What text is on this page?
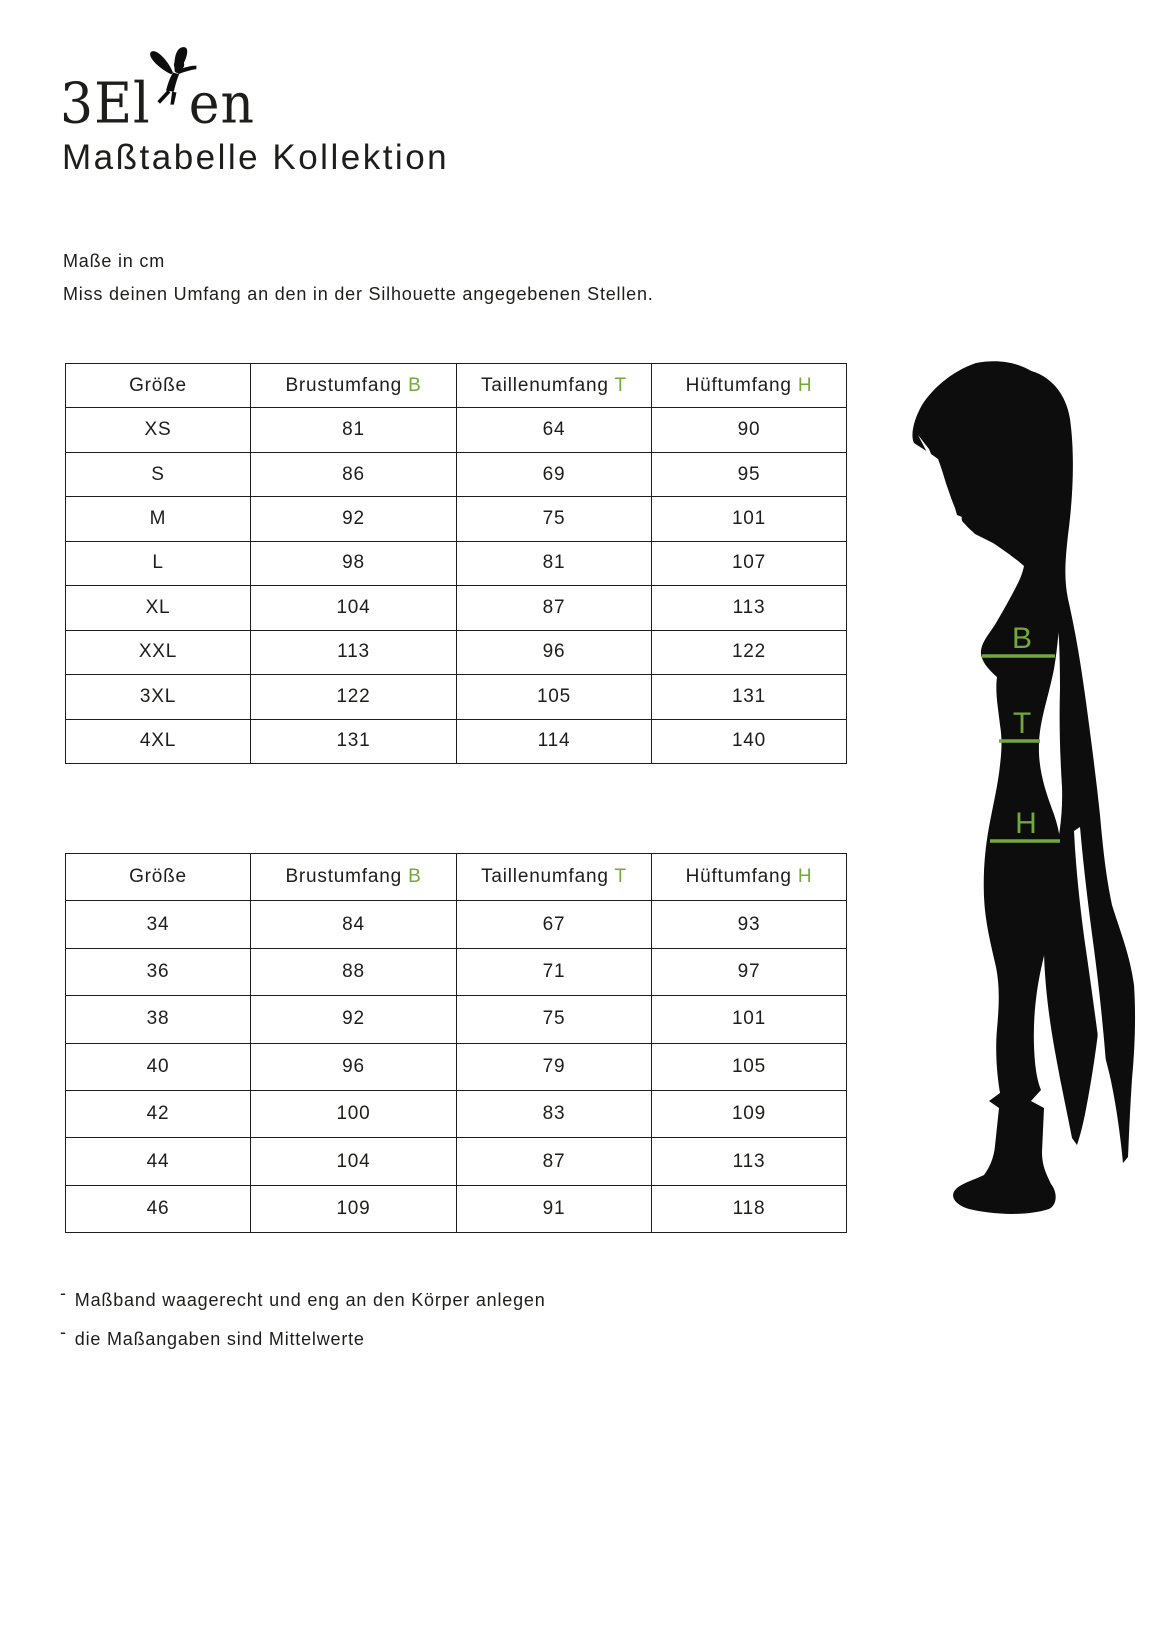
3El en
Maßtabelle Kollektion
Maße in cm
Miss deinen Umfang an den in der Silhouette angegebenen Stellen.
Größe	Brustumfang B	Taillenumfang T	Hüftumfang H
XS	81	64	90
S	86	69	95
M	92	75	101
L	98	81	107
XL	104	87	113
XXL	113	96	122
3XL	122	105	131
4XL	131	114	140
Größe	Brustumfang B	Taillenumfang T	Hüftumfang H
34	84	67	93
36	88	71	97
38	92	75	101
40	96	79	105
42	100	83	109
44	104	87	113
46	109	91	118
B
T
H
- Maßband waagerecht und eng an den Körper anlegen
- die Maßangaben sind Mittelwerte
